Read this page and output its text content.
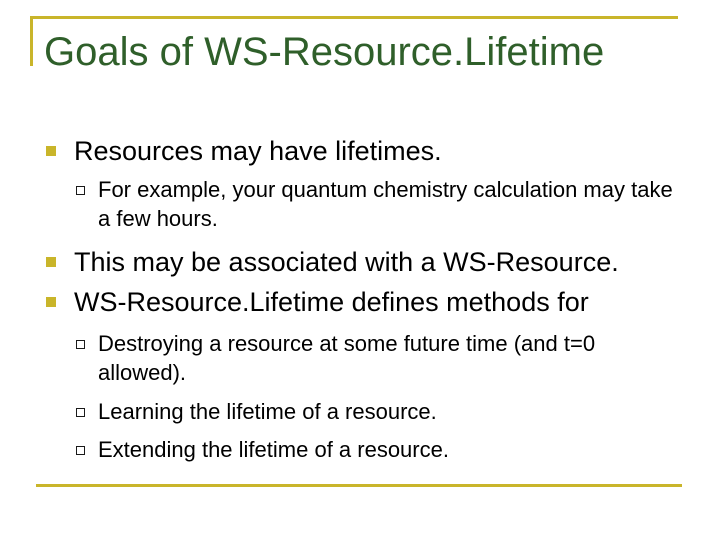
Goals of WS-Resource.Lifetime
Resources may have lifetimes.
For example, your quantum chemistry calculation may take a few hours.
This may be associated with a WS-Resource.
WS-Resource.Lifetime defines methods for
Destroying a resource at some future time (and t=0 allowed).
Learning the lifetime of a resource.
Extending the lifetime of a resource.
